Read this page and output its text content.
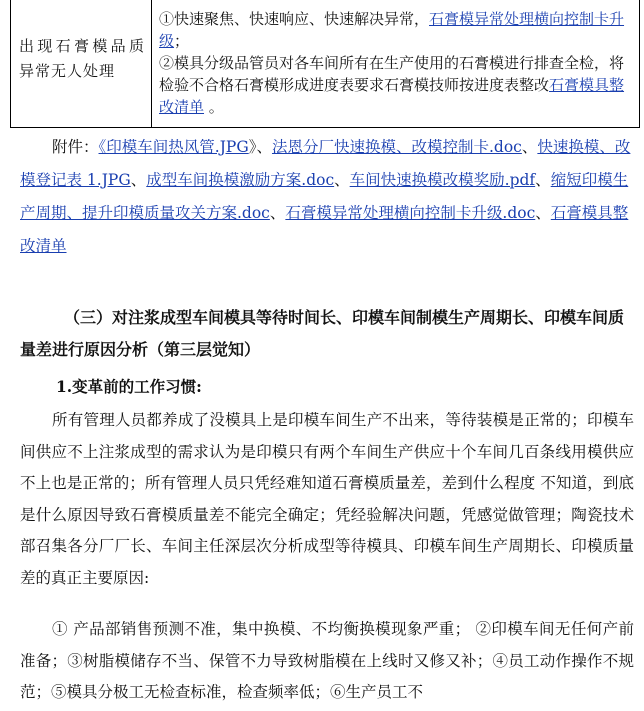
出现石膏模品质异常无人处理
①快速聚焦、快速响应、快速解决异常，石膏模异常处理横向控制卡升级；
②模具分级品管员对各车间所有在生产使用的石膏模进行排查全检，将检验不合格石膏模形成进度表要求石膏模技师按进度表整改石膏模具整改清单 。
附件：《印模车间热风管.JPG》、法恩分厂快速换模、改模控制卡.doc、快速换模、改模登记表 1.JPG、成型车间换模激励方案.doc、车间快速换模改模奖励.pdf、缩短印模生产周期、提升印模质量攻关方案.doc、石膏模异常处理横向控制卡升级.doc、石膏模具整改清单
（三）对注浆成型车间模具等待时间长、印模车间制模生产周期长、印模车间质量差进行原因分析（第三层觉知）
1.变革前的工作习惯:
所有管理人员都养成了没模具上是印模车间生产不出来，等待装模是正常的；印模车间供应不上注浆成型的需求认为是印模只有两个车间生产供应十个车间几百条线用模供应不上也是正常的；所有管理人员只凭经难知道石膏模质量差，差到什么程度 不知道，到底是什么原因导致石膏模质量差不能完全确定；凭经验解决问题，凭感觉做管理；陶瓷技术部召集各分厂厂长、车间主任深层次分析成型等待模具、印模车间生产周期长、印模质量差的真正主要原因:
① 产品部销售预测不准，集中换模、不均衡换模现象严重； ②印模车间无任何产前准备；③树脂模储存不当、保管不力导致树脂模在上线时又修又补；④员工动作操作不规范；⑤模具分极工无检查标准，检查频率低；⑥生产员工不
